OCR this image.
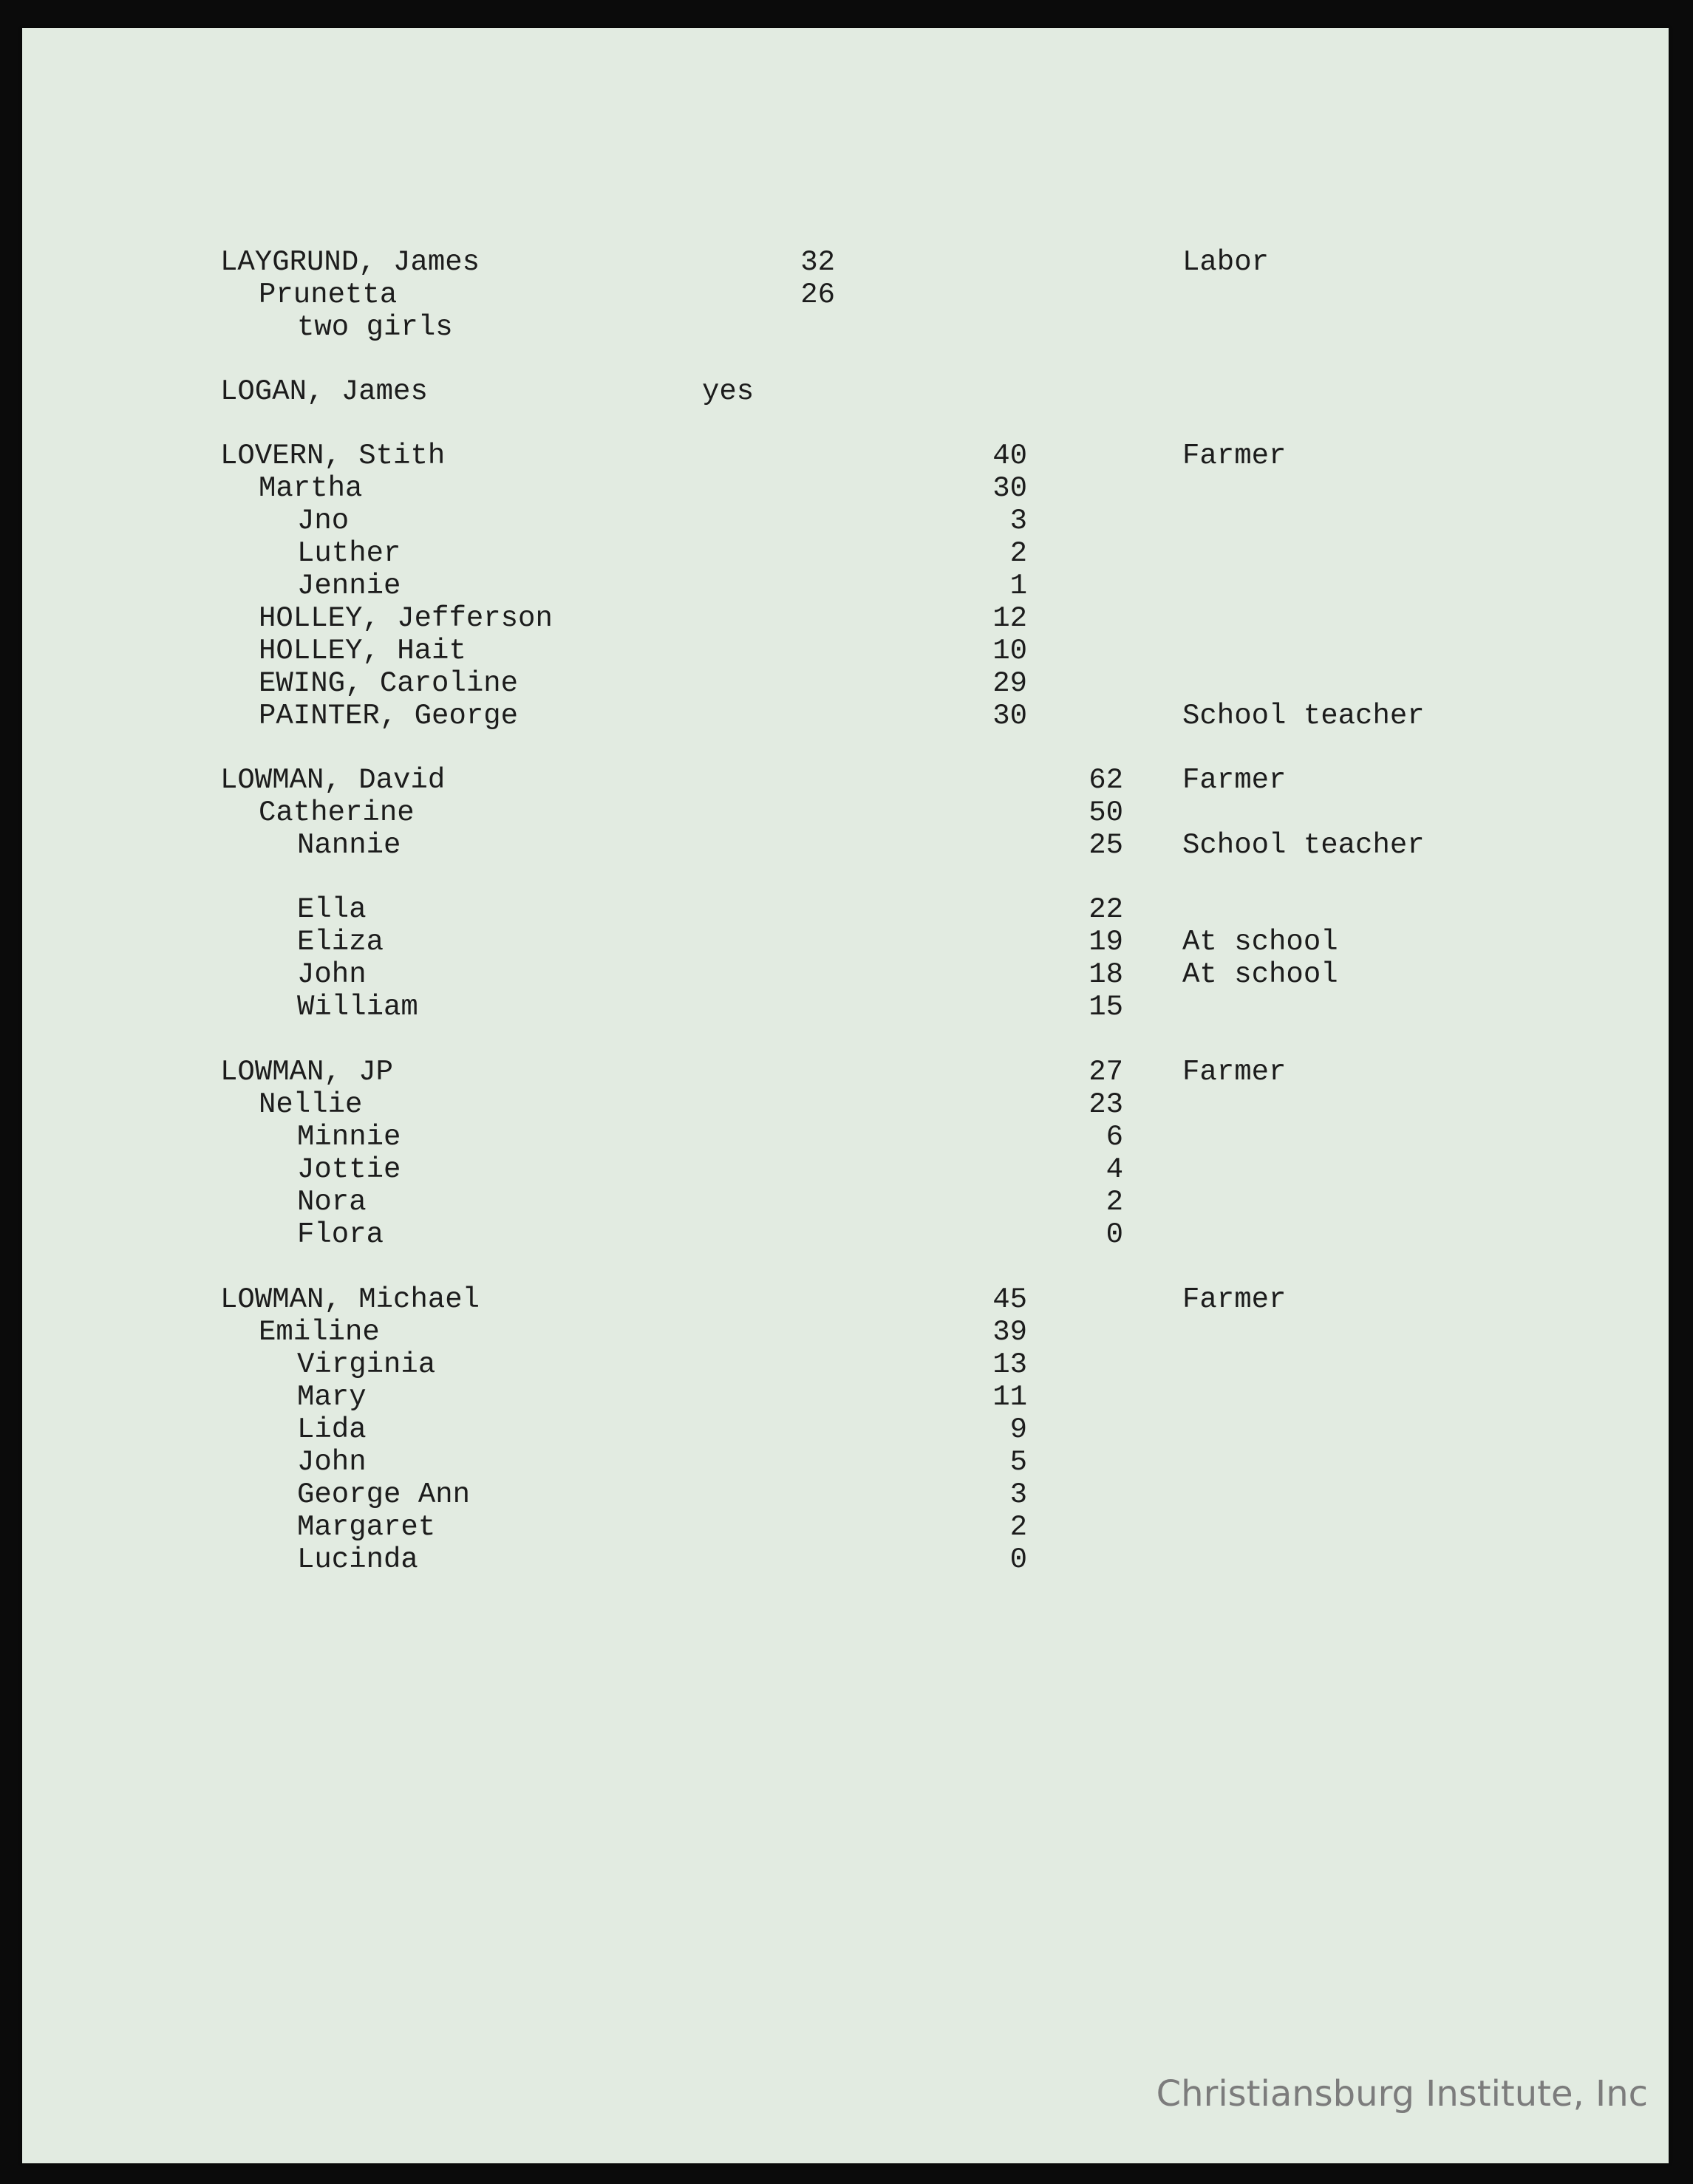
LAYGRUND, James	32	Labor
Prunetta	26
two girls
LOGAN, James	yes
LOVERN, Stith	40	Farmer
Martha	30
Jno	3
Luther	2
Jennie	1
HOLLEY, Jefferson	12
HOLLEY, Hait	10
EWING, Caroline	29
PAINTER, George	30	School teacher
LOWMAN, David	62 Farmer
Catherine	50
Nannie	25 School teacher
Ella	22
Eliza	19 At school
John	18 At school
William	15
LOWMAN, JP	27 Farmer
Nellie	23
Minnie	6
Jottie	4
Nora	2
Flora	0
LOWMAN, Michael	45	Farmer
Emiline	39
Virginia	13
Mary	11
Lida	9
John	5
George Ann	3
Margaret	2
Lucinda	0
Christiansburg Institute, Inc
